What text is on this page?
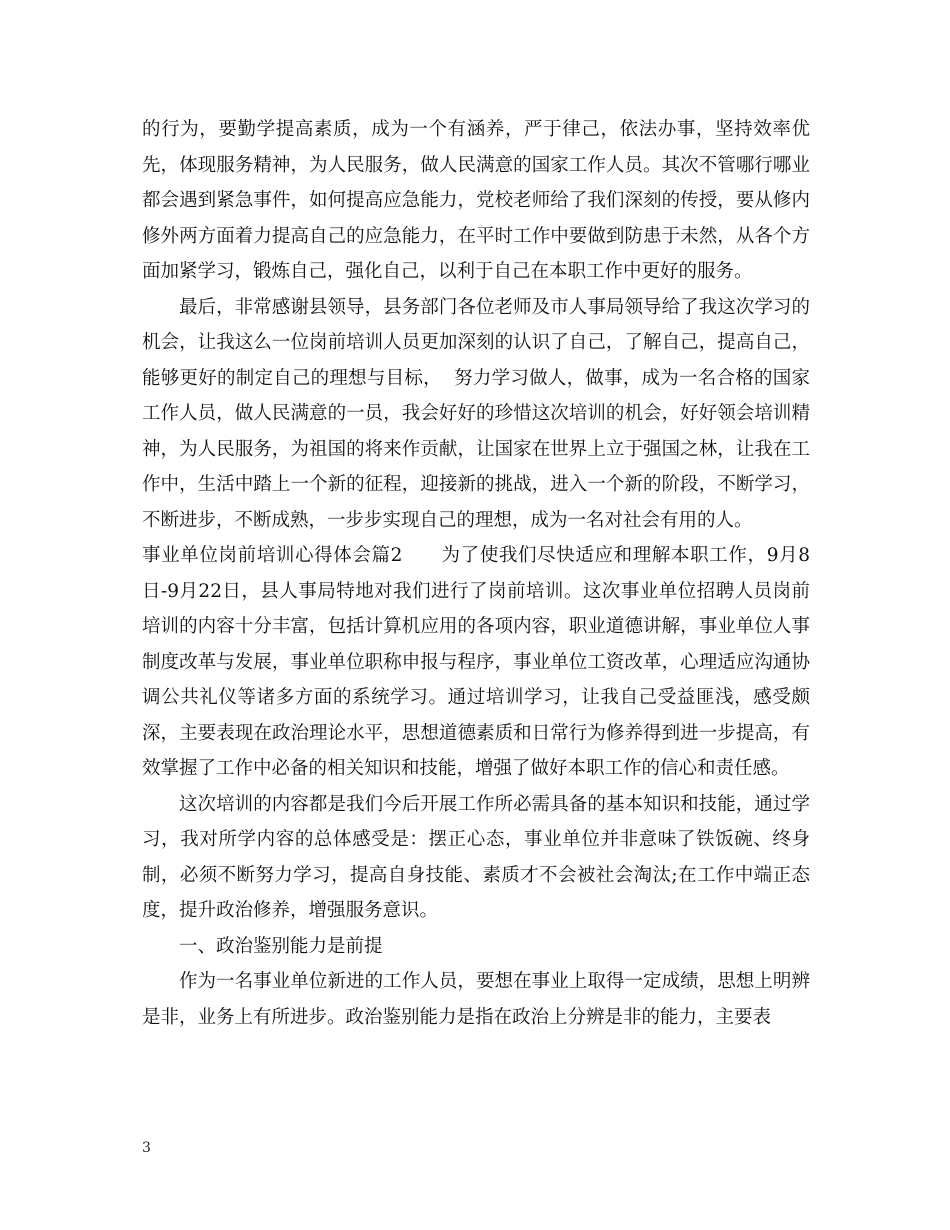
的行为，要勤学提高素质，成为一个有涵养，严于律己，依法办事，坚持效率优先，体现服务精神，为人民服务，做人民满意的国家工作人员。其次不管哪行哪业都会遇到紧急事件，如何提高应急能力，党校老师给了我们深刻的传授，要从修内修外两方面着力提高自己的应急能力，在平时工作中要做到防患于未然，从各个方面加紧学习，锻炼自己，强化自己，以利于自己在本职工作中更好的服务。

最后，非常感谢县领导，县务部门各位老师及市人事局领导给了我这次学习的机会，让我这么一位岗前培训人员更加深刻的认识了自己，了解自己，提高自己，能够更好的制定自己的理想与目标，  努力学习做人，做事，成为一名合格的国家工作人员，做人民满意的一员，我会好好的珍惜这次培训的机会，好好领会培训精神，为人民服务，为祖国的将来作贡献，让国家在世界上立于强国之林，让我在工作中，生活中踏上一个新的征程，迎接新的挑战，进入一个新的阶段，不断学习，不断进步，不断成熟，一步步实现自己的理想，成为一名对社会有用的人。

事业单位岗前培训心得体会篇2      为了使我们尽快适应和理解本职工作，9月8日-9月22日，县人事局特地对我们进行了岗前培训。这次事业单位招聘人员岗前培训的内容十分丰富，包括计算机应用的各项内容，职业道德讲解，事业单位人事制度改革与发展，事业单位职称申报与程序，事业单位工资改革，心理适应沟通协调公共礼仪等诸多方面的系统学习。通过培训学习，让我自己受益匪浅，感受颇深，主要表现在政治理论水平，思想道德素质和日常行为修养得到进一步提高，有效掌握了工作中必备的相关知识和技能，增强了做好本职工作的信心和责任感。

这次培训的内容都是我们今后开展工作所必需具备的基本知识和技能，通过学习，我对所学内容的总体感受是：摆正心态，事业单位并非意味了铁饭碗、终身制，必须不断努力学习，提高自身技能、素质才不会被社会淘汰;在工作中端正态度，提升政治修养，增强服务意识。

一、政治鉴别能力是前提

作为一名事业单位新进的工作人员，要想在事业上取得一定成绩，思想上明辨是非，业务上有所进步。政治鉴别能力是指在政治上分辨是非的能力，主要表

3
